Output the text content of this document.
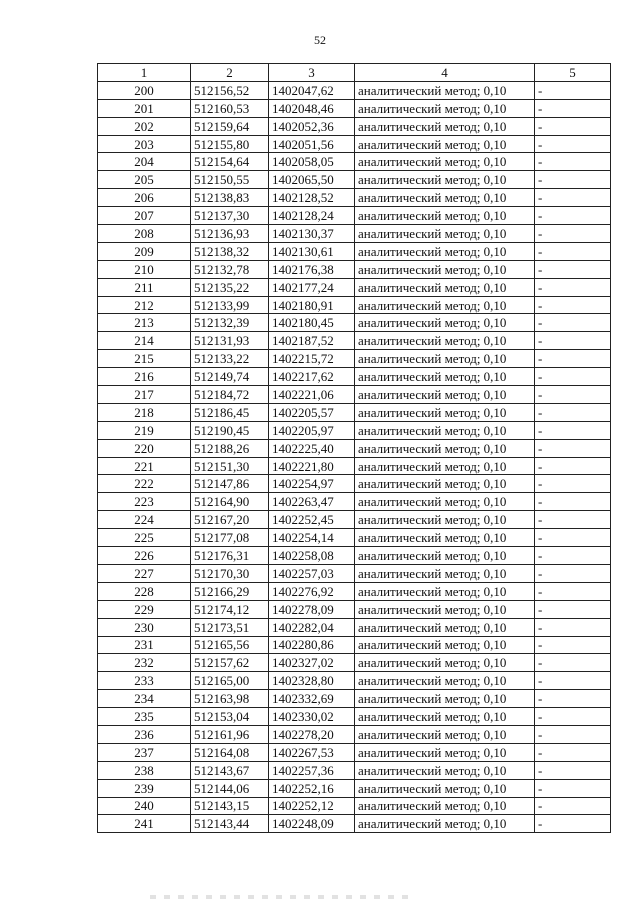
52
1	2	3	4	5
200	512156,52	1402047,62	аналитический метод; 0,10	-
201	512160,53	1402048,46	аналитический метод; 0,10	-
202	512159,64	1402052,36	аналитический метод; 0,10	-
203	512155,80	1402051,56	аналитический метод; 0,10	-
204	512154,64	1402058,05	аналитический метод; 0,10	-
205	512150,55	1402065,50	аналитический метод; 0,10	-
206	512138,83	1402128,52	аналитический метод; 0,10	-
207	512137,30	1402128,24	аналитический метод; 0,10	-
208	512136,93	1402130,37	аналитический метод; 0,10	-
209	512138,32	1402130,61	аналитический метод; 0,10	-
210	512132,78	1402176,38	аналитический метод; 0,10	-
211	512135,22	1402177,24	аналитический метод; 0,10	-
212	512133,99	1402180,91	аналитический метод; 0,10	-
213	512132,39	1402180,45	аналитический метод; 0,10	-
214	512131,93	1402187,52	аналитический метод; 0,10	-
215	512133,22	1402215,72	аналитический метод; 0,10	-
216	512149,74	1402217,62	аналитический метод; 0,10	-
217	512184,72	1402221,06	аналитический метод; 0,10	-
218	512186,45	1402205,57	аналитический метод; 0,10	-
219	512190,45	1402205,97	аналитический метод; 0,10	-
220	512188,26	1402225,40	аналитический метод; 0,10	-
221	512151,30	1402221,80	аналитический метод; 0,10	-
222	512147,86	1402254,97	аналитический метод; 0,10	-
223	512164,90	1402263,47	аналитический метод; 0,10	-
224	512167,20	1402252,45	аналитический метод; 0,10	-
225	512177,08	1402254,14	аналитический метод; 0,10	-
226	512176,31	1402258,08	аналитический метод; 0,10	-
227	512170,30	1402257,03	аналитический метод; 0,10	-
228	512166,29	1402276,92	аналитический метод; 0,10	-
229	512174,12	1402278,09	аналитический метод; 0,10	-
230	512173,51	1402282,04	аналитический метод; 0,10	-
231	512165,56	1402280,86	аналитический метод; 0,10	-
232	512157,62	1402327,02	аналитический метод; 0,10	-
233	512165,00	1402328,80	аналитический метод; 0,10	-
234	512163,98	1402332,69	аналитический метод; 0,10	-
235	512153,04	1402330,02	аналитический метод; 0,10	-
236	512161,96	1402278,20	аналитический метод; 0,10	-
237	512164,08	1402267,53	аналитический метод; 0,10	-
238	512143,67	1402257,36	аналитический метод; 0,10	-
239	512144,06	1402252,16	аналитический метод; 0,10	-
240	512143,15	1402252,12	аналитический метод; 0,10	-
241	512143,44	1402248,09	аналитический метод; 0,10	-
